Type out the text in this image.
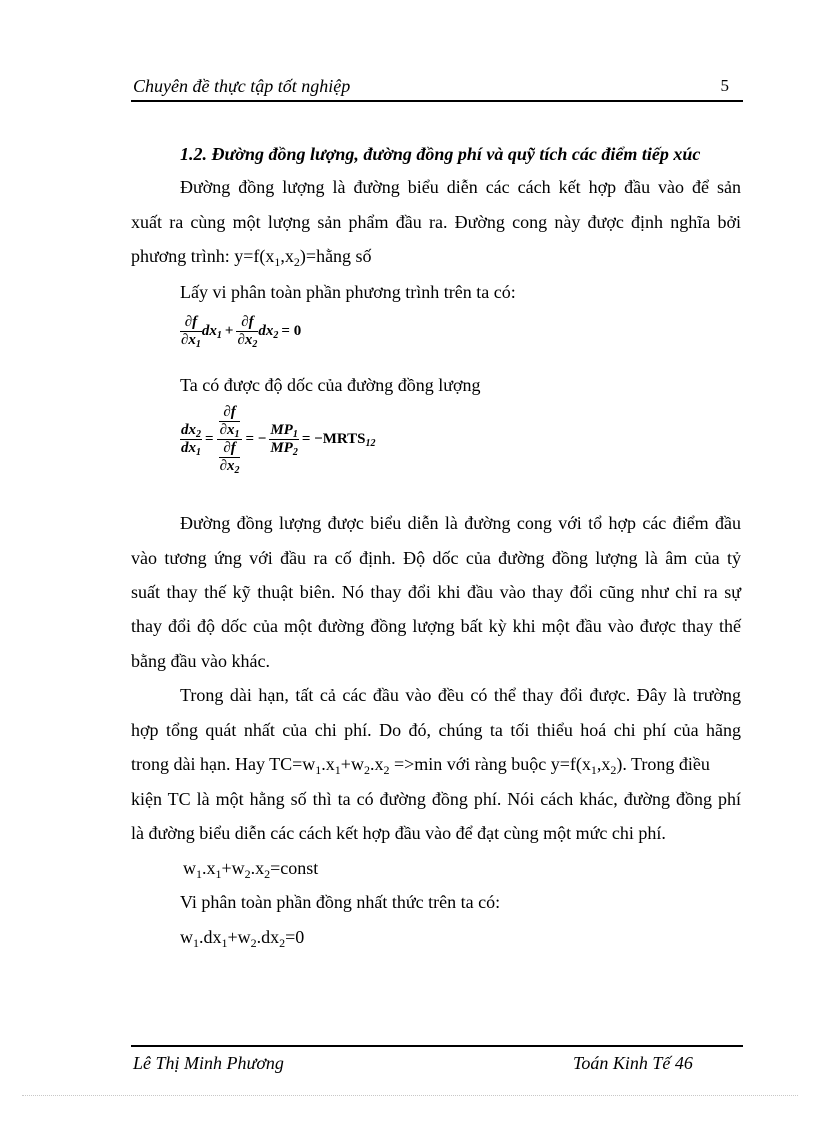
Chuyên đề thực tập tốt nghiệp	5
1.2. Đường đồng lượng, đường đồng phí và quỹ tích các điểm tiếp xúc
Đường đồng lượng là đường biểu diễn các cách kết hợp đầu vào để sản
xuất ra cùng một lượng sản phẩm đầu ra. Đường cong này được định nghĩa bởi
phương trình: $y=f(x_1,x_2)=hằng$ số
Lấy vi phân toàn phần phương trình trên ta có:
$\frac{\partial f}{\partial x_1} dx_1 + \frac{\partial f}{\partial x_2} dx_2 = 0$
Ta có được độ dốc của đường đồng lượng
$\frac{dx_2}{dx_1} = \frac{\frac{\partial f}{\partial x_1}}{\frac{\partial f}{\partial x_2}}$ = − $\frac{MP_1}{MP_2}$ = $-MRTS_{12}$
Đường đồng lượng được biểu diễn là đường cong với tổ hợp các điểm đầu
vào tương ứng với đầu ra cố định. Độ dốc của đường đồng lượng là âm của tỷ
suất thay thế kỹ thuật biên. Nó thay đổi khi đầu vào thay đổi cũng như chỉ ra sự
thay đổi độ dốc của một đường đồng lượng bất kỳ khi một đầu vào được thay thế
bằng đầu vào khác.
Trong dài hạn, tất cả các đầu vào đều có thể thay đổi được. Đây là trường
hợp tổng quát nhất của chi phí. Do đó, chúng ta tối thiểu hoá chi phí của hãng
trong dài hạn. Hay $TC=w_1.x_1+w_2.x_2 =>\min$ với ràng buộc $y=f(x_1,x_2)$. Trong điều
kiện TC là một hằng số thì ta có đường đồng phí. Nói cách khác, đường đồng phí
là đường biểu diễn các cách kết hợp đầu vào để đạt cùng một mức chi phí.
$w_1.x_1+w_2.x_2=const$
Vi phân toàn phần đồng nhất thức trên ta có:
$w_1.dx_1+w_2.dx_2=0$
Lê Thị Minh Phương	Toán Kinh Tế 46
